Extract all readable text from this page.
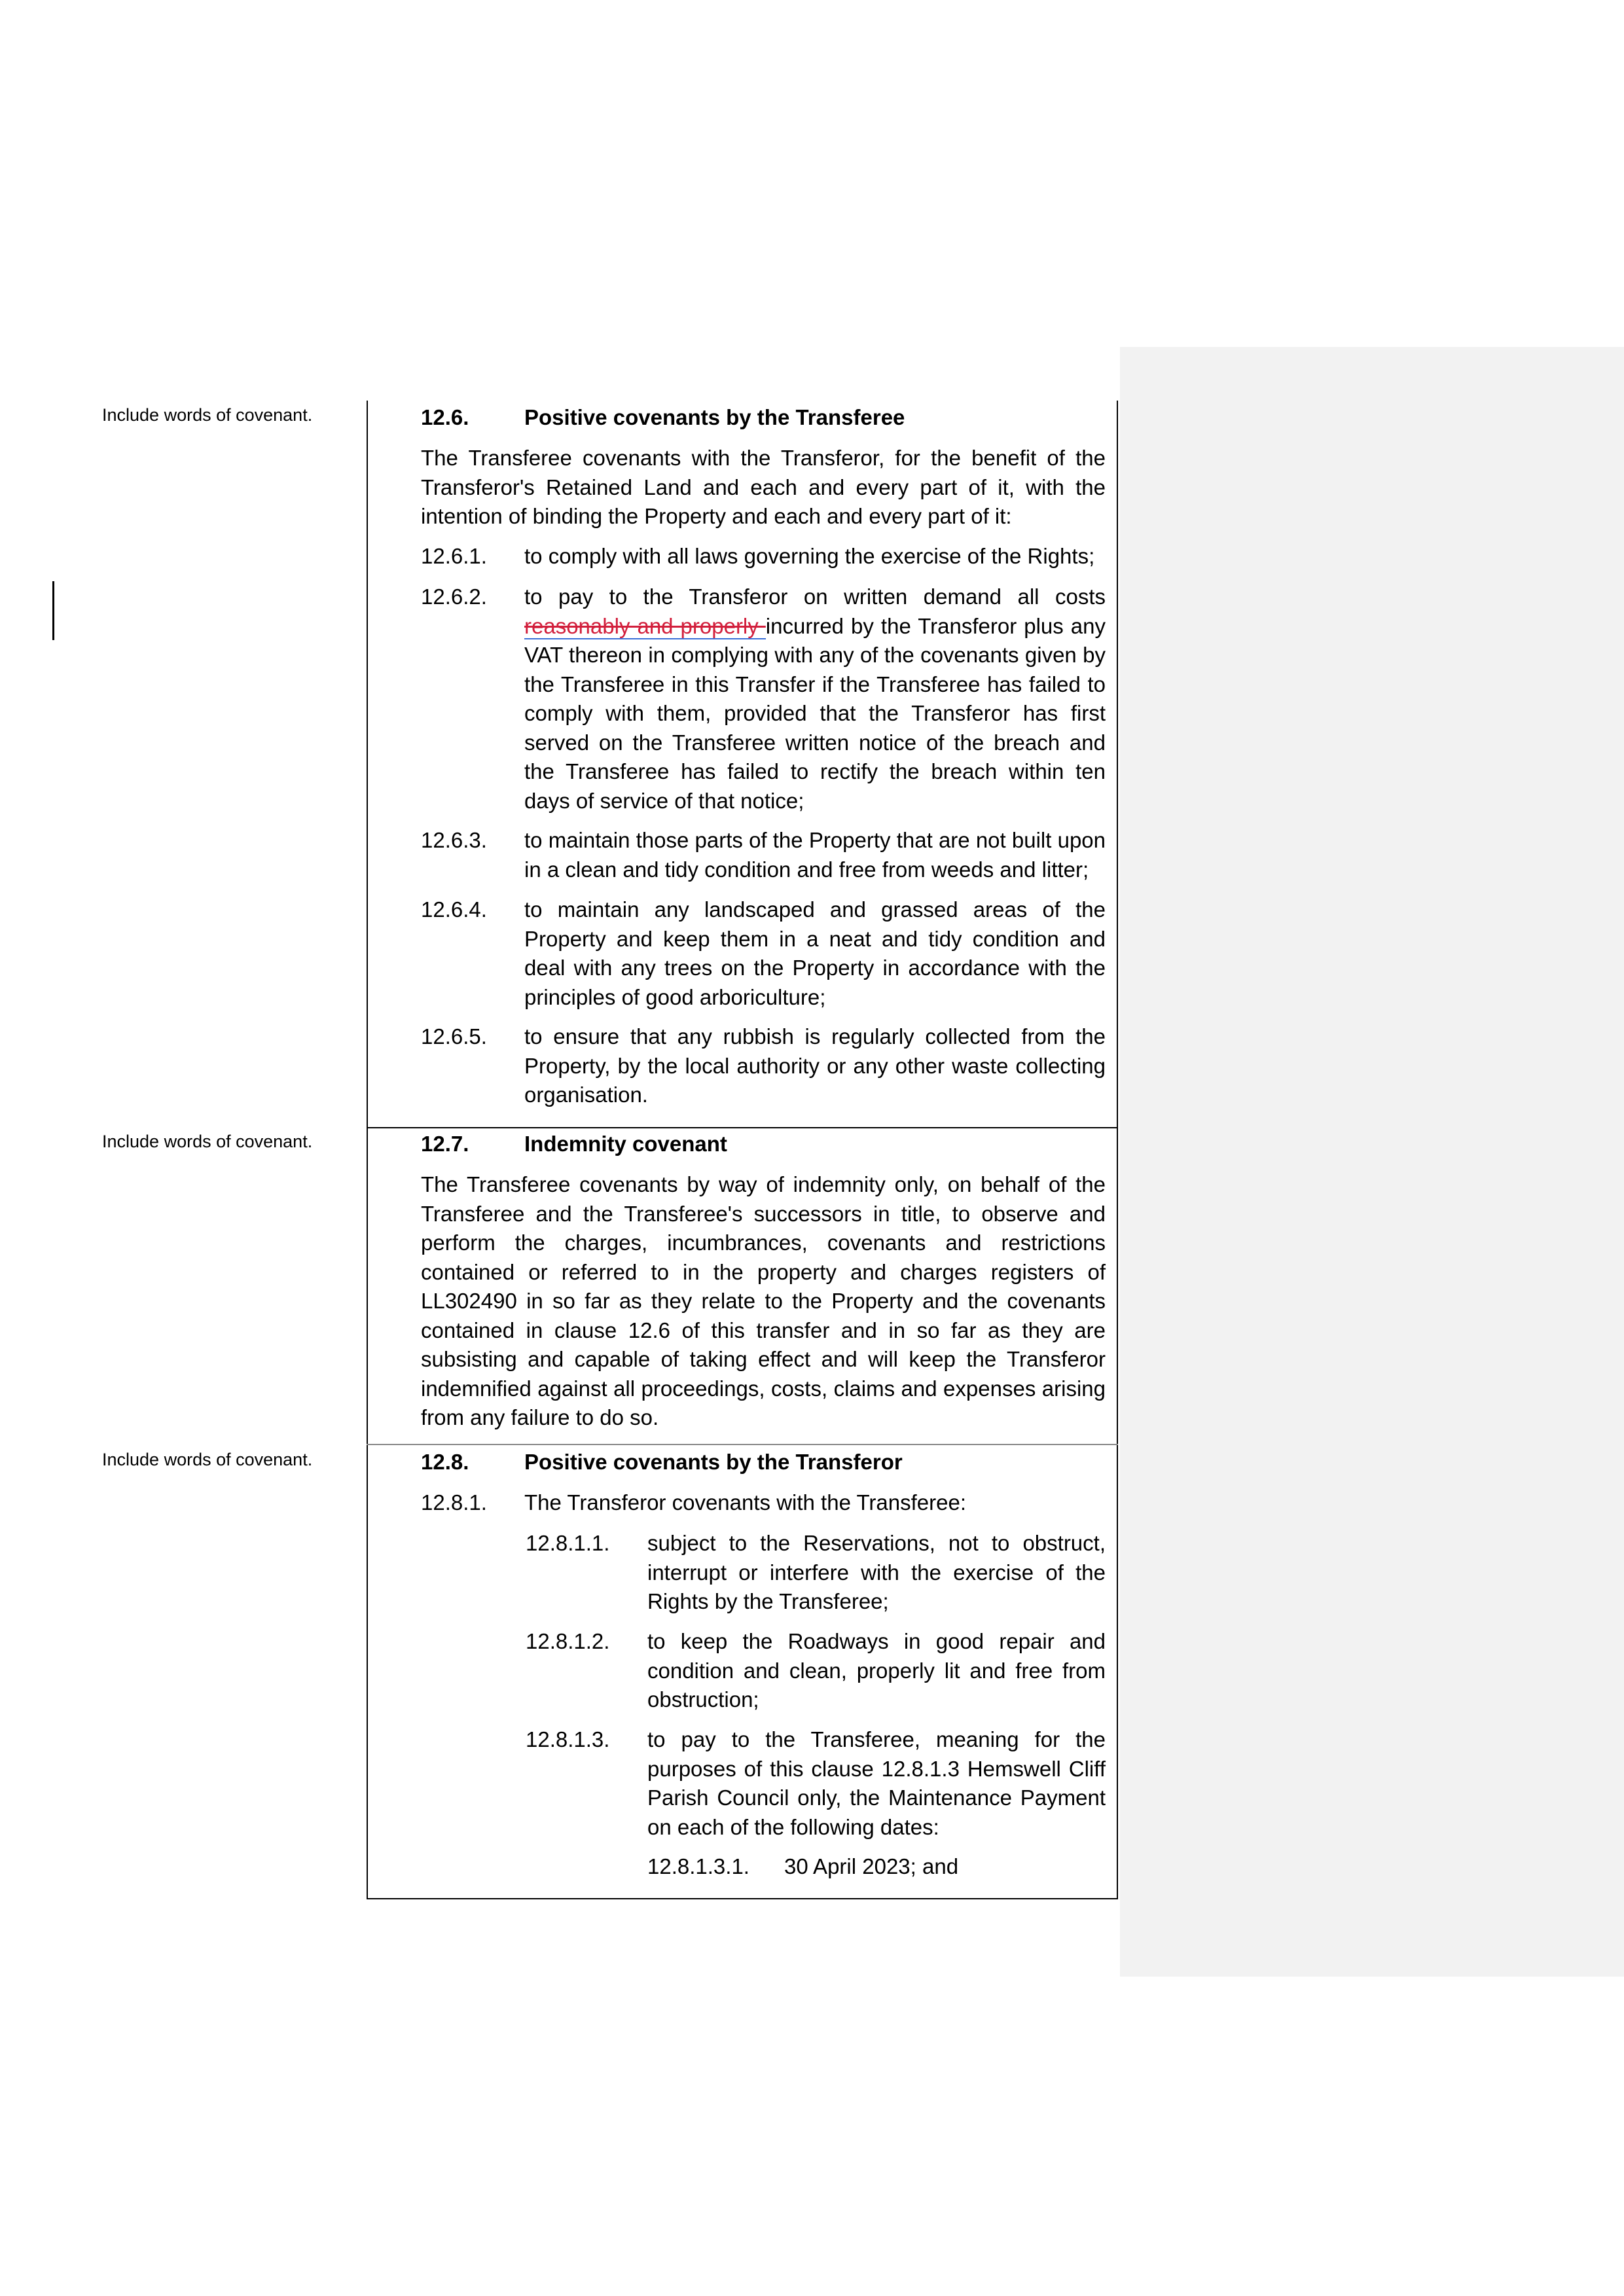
Include words of covenant.
Include words of covenant.
Include words of covenant.
12.6.	Positive covenants by the Transferee
The Transferee covenants with the Transferor, for the benefit of the Transferor's Retained Land and each and every part of it, with the intention of binding the Property and each and every part of it:
12.6.1. to comply with all laws governing the exercise of the Rights;
12.6.2. to pay to the Transferor on written demand all costs reasonably and properly incurred by the Transferor plus any VAT thereon in complying with any of the covenants given by the Transferee in this Transfer if the Transferee has failed to comply with them, provided that the Transferor has first served on the Transferee written notice of the breach and the Transferee has failed to rectify the breach within ten days of service of that notice;
12.6.3. to maintain those parts of the Property that are not built upon in a clean and tidy condition and free from weeds and litter;
12.6.4. to maintain any landscaped and grassed areas of the Property and keep them in a neat and tidy condition and deal with any trees on the Property in accordance with the principles of good arboriculture;
12.6.5. to ensure that any rubbish is regularly collected from the Property, by the local authority or any other waste collecting organisation.
12.7.	Indemnity covenant
The Transferee covenants by way of indemnity only, on behalf of the Transferee and the Transferee's successors in title, to observe and perform the charges, incumbrances, covenants and restrictions contained or referred to in the property and charges registers of LL302490 in so far as they relate to the Property and the covenants contained in clause 12.6 of this transfer and in so far as they are subsisting and capable of taking effect and will keep the Transferor indemnified against all proceedings, costs, claims and expenses arising from any failure to do so.
12.8.	Positive covenants by the Transferor
12.8.1. The Transferor covenants with the Transferee:
12.8.1.1. subject to the Reservations, not to obstruct, interrupt or interfere with the exercise of the Rights by the Transferee;
12.8.1.2. to keep the Roadways in good repair and condition and clean, properly lit and free from obstruction;
12.8.1.3. to pay to the Transferee, meaning for the purposes of this clause 12.8.1.3 Hemswell Cliff Parish Council only, the Maintenance Payment on each of the following dates:
12.8.1.3.1. 30 April 2023; and
